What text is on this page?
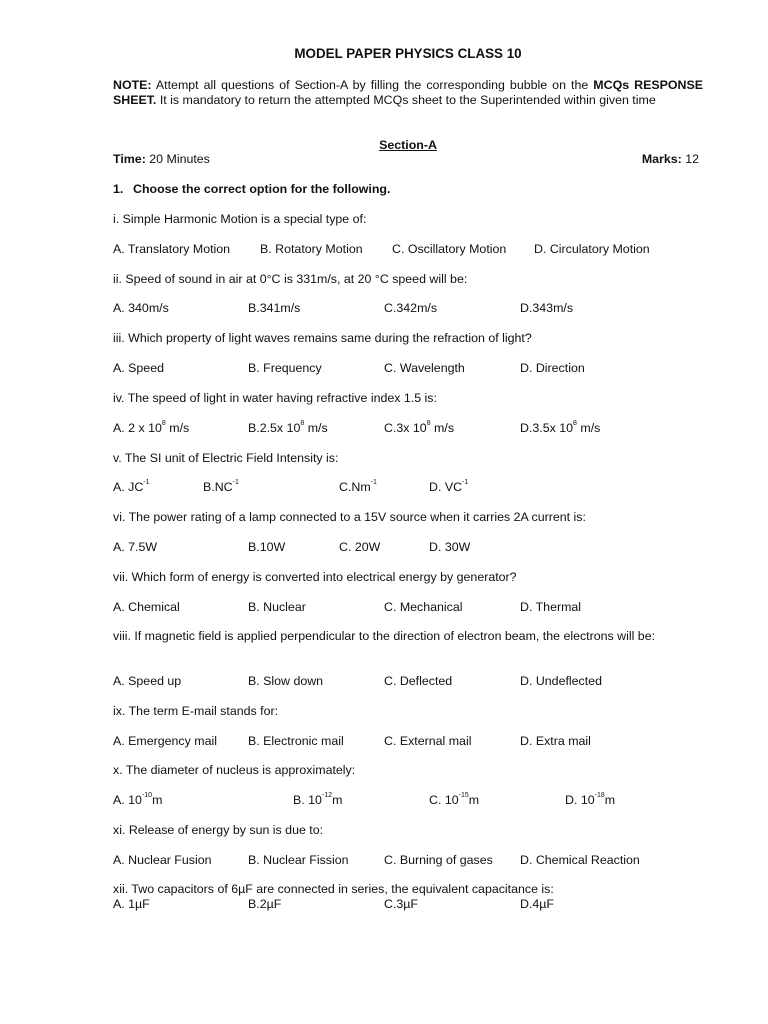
MODEL PAPER PHYSICS CLASS 10
NOTE: Attempt all questions of Section-A by filling the corresponding bubble on the MCQs RESPONSE SHEET. It is mandatory to return the attempted MCQs sheet to the Superintended within given time
Section-A
Time: 20 Minutes	Marks: 12
1. Choose the correct option for the following.
i. Simple Harmonic Motion is a special type of:
A. Translatory Motion B. Rotatory Motion C. Oscillatory Motion D. Circulatory Motion
ii. Speed of sound in air at 0°C is 331m/s, at 20 °C speed will be:
A. 340m/s	B.341m/s	C.342m/s	D.343m/s
iii. Which property of light waves remains same during the refraction of light?
A. Speed	B. Frequency	C. Wavelength	D. Direction
iv. The speed of light in water having refractive index 1.5 is:
A. 2 x $10^8$ m/s	B.2.5x $10^8$ m/s	C.3x $10^8$ m/s	D.3.5x $10^8$ m/s
v. The SI unit of Electric Field Intensity is:
A. $JC^{-1}$	$B.NC^{-1}$	$C.Nm^{-1}$	D. $VC^{-1}$
vi. The power rating of a lamp connected to a 15V source when it carries 2A current is:
A. 7.5W	B.10W	C. 20W	D. 30W
vii. Which form of energy is converted into electrical energy by generator?
A. Chemical	B. Nuclear	C. Mechanical	D. Thermal
viii. If magnetic field is applied perpendicular to the direction of electron beam, the electrons will be:
A. Speed up	B. Slow down	C. Deflected	D. Undeflected
ix. The term E-mail stands for:
A. Emergency mail	B. Electronic mail	C. External mail	D. Extra mail
x. The diameter of nucleus is approximately:
A. $10^{-10}m$	B. $10^{-12}m$	C. $10^{-15}m$	D. $10^{-18}m$
xi. Release of energy by sun is due to:
A. Nuclear Fusion	B. Nuclear Fission	C. Burning of gases D. Chemical Reaction
xii. Two capacitors of 6µF are connected in series, the equivalent capacitance is:
A. 1µF	B.2µF	C.3µF	D.4µF
